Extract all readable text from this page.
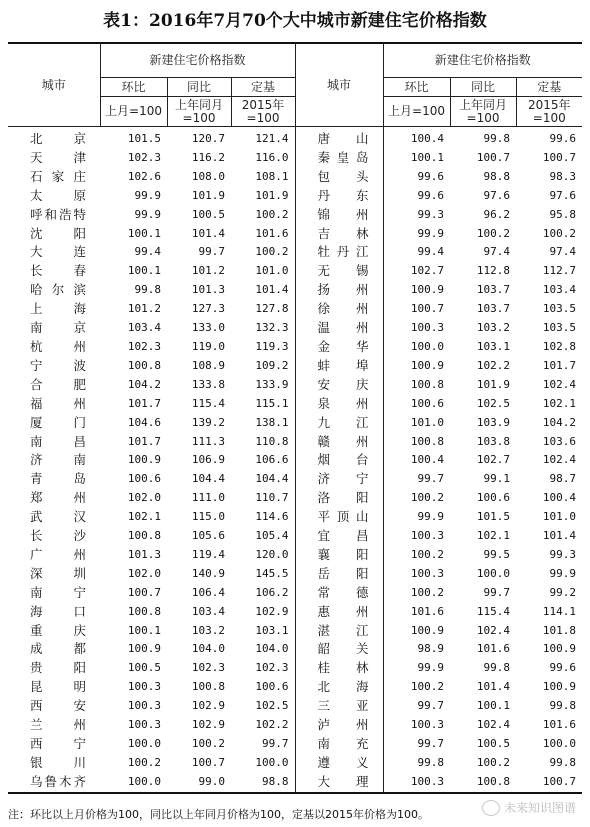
表1：2016年7月70个大中城市新建住宅价格指数
城市	新建住宅价格指数			城市	新建住宅价格指数		
	环比	同比	定基		环比	同比	定基
	上月=100	上年同月=100	2015年=100		上月=100	上年同月=100	2015年=100
北京	101.5	120.7	121.4	唐山	100.4	99.8	99.6
天津	102.3	116.2	116.0	秦皇岛	100.1	100.7	100.7
石家庄	102.6	108.0	108.1	包头	99.6	98.8	98.3
太原	99.9	101.9	101.9	丹东	99.6	97.6	97.6
呼和浩特	99.9	100.5	100.2	锦州	99.3	96.2	95.8
沈阳	100.1	101.4	101.6	吉林	99.9	100.2	100.2
大连	99.4	99.7	100.2	牡丹江	99.4	97.4	97.4
长春	100.1	101.2	101.0	无锡	102.7	112.8	112.7
哈尔滨	99.8	101.3	101.4	扬州	100.9	103.7	103.4
上海	101.2	127.3	127.8	徐州	100.7	103.7	103.5
南京	103.4	133.0	132.3	温州	100.3	103.2	103.5
杭州	102.3	119.0	119.3	金华	100.0	103.1	102.8
宁波	100.8	108.9	109.2	蚌埠	100.9	102.2	101.7
合肥	104.2	133.8	133.9	安庆	100.8	101.9	102.4
福州	101.7	115.4	115.1	泉州	100.6	102.5	102.1
厦门	104.6	139.2	138.1	九江	101.0	103.9	104.2
南昌	101.7	111.3	110.8	赣州	100.8	103.8	103.6
济南	100.9	106.9	106.6	烟台	100.4	102.7	102.4
青岛	100.6	104.4	104.4	济宁	99.7	99.1	98.7
郑州	102.0	111.0	110.7	洛阳	100.2	100.6	100.4
武汉	102.1	115.0	114.6	平顶山	99.9	101.5	101.0
长沙	100.8	105.6	105.4	宜昌	100.3	102.1	101.4
广州	101.3	119.4	120.0	襄阳	100.2	99.5	99.3
深圳	102.0	140.9	145.5	岳阳	100.3	100.0	99.9
南宁	100.7	106.4	106.2	常德	100.2	99.7	99.2
海口	100.8	103.4	102.9	惠州	101.6	115.4	114.1
重庆	100.1	103.2	103.1	湛江	100.9	102.4	101.8
成都	100.9	104.0	104.0	韶关	98.9	101.6	100.9
贵阳	100.5	102.3	102.3	桂林	99.9	99.8	99.6
昆明	100.3	100.8	100.6	北海	100.2	101.4	100.9
西安	100.3	102.9	102.5	三亚	99.7	100.1	99.8
兰州	100.3	102.9	102.2	泸州	100.3	102.4	101.6
西宁	100.0	100.2	99.7	南充	99.7	100.5	100.0
银川	100.2	100.7	100.0	遵义	99.8	100.2	99.8
乌鲁木齐	100.0	99.0	98.8	大理	100.3	100.8	100.7
注：环比以上月价格为100，同比以上年同月价格为100，定基以2015年价格为100。	未来知识图谱
